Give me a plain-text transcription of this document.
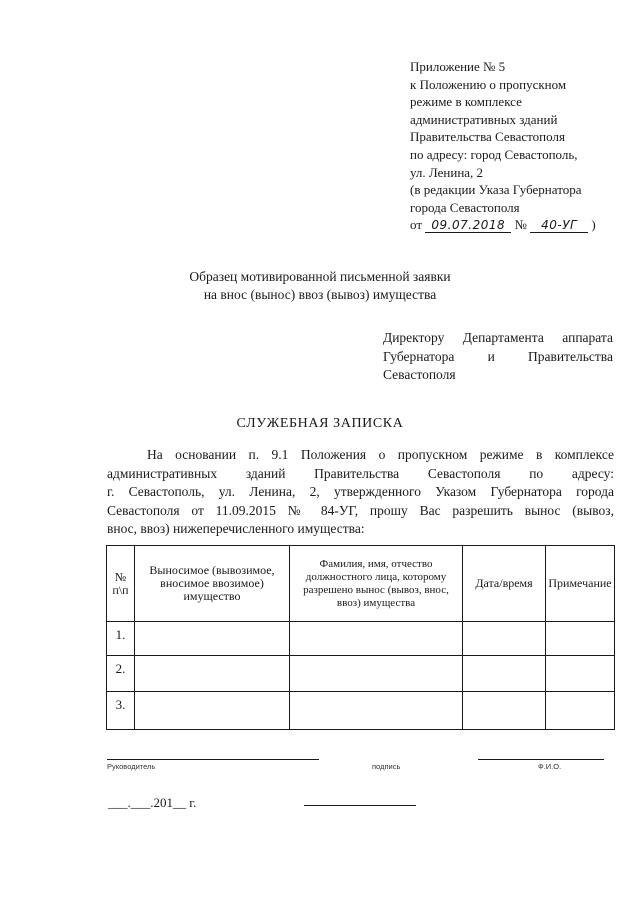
Приложение № 5
к Положению о пропускном
режиме в комплексе
административных зданий
Правительства Севастополя
по адресу: город Севастополь,
ул. Ленина, 2
(в редакции Указа Губернатора
города Севастополя
от 09.07.2018 № 40-УГ )
Образец мотивированной письменной заявки
на внос (вынос) ввоз (вывоз) имущества
Директору Департамента аппарата
Губернатора и Правительства
Севастополя
СЛУЖЕБНАЯ ЗАПИСКА
На основании п. 9.1 Положения о пропускном режиме в комплексе
административных зданий Правительства Севастополя по адресу:
г. Севастополь, ул. Ленина, 2, утвержденного Указом Губернатора города
Севастополя от 11.09.2015 № 84-УГ, прошу Вас разрешить вынос (вывоз,
внос, ввоз) нижеперечисленного имущества:
№ п\п	Выносимое (вывозимое, вносимое ввозимое) имущество	Фамилия, имя, отчество должностного лица, которому разрешено вынос (вывоз, внос, ввоз) имущества	Дата/время	Примечание
1.				
2.				
3.				
Руководитель	подпись	Ф.И.О.
___.___.201__ г.
